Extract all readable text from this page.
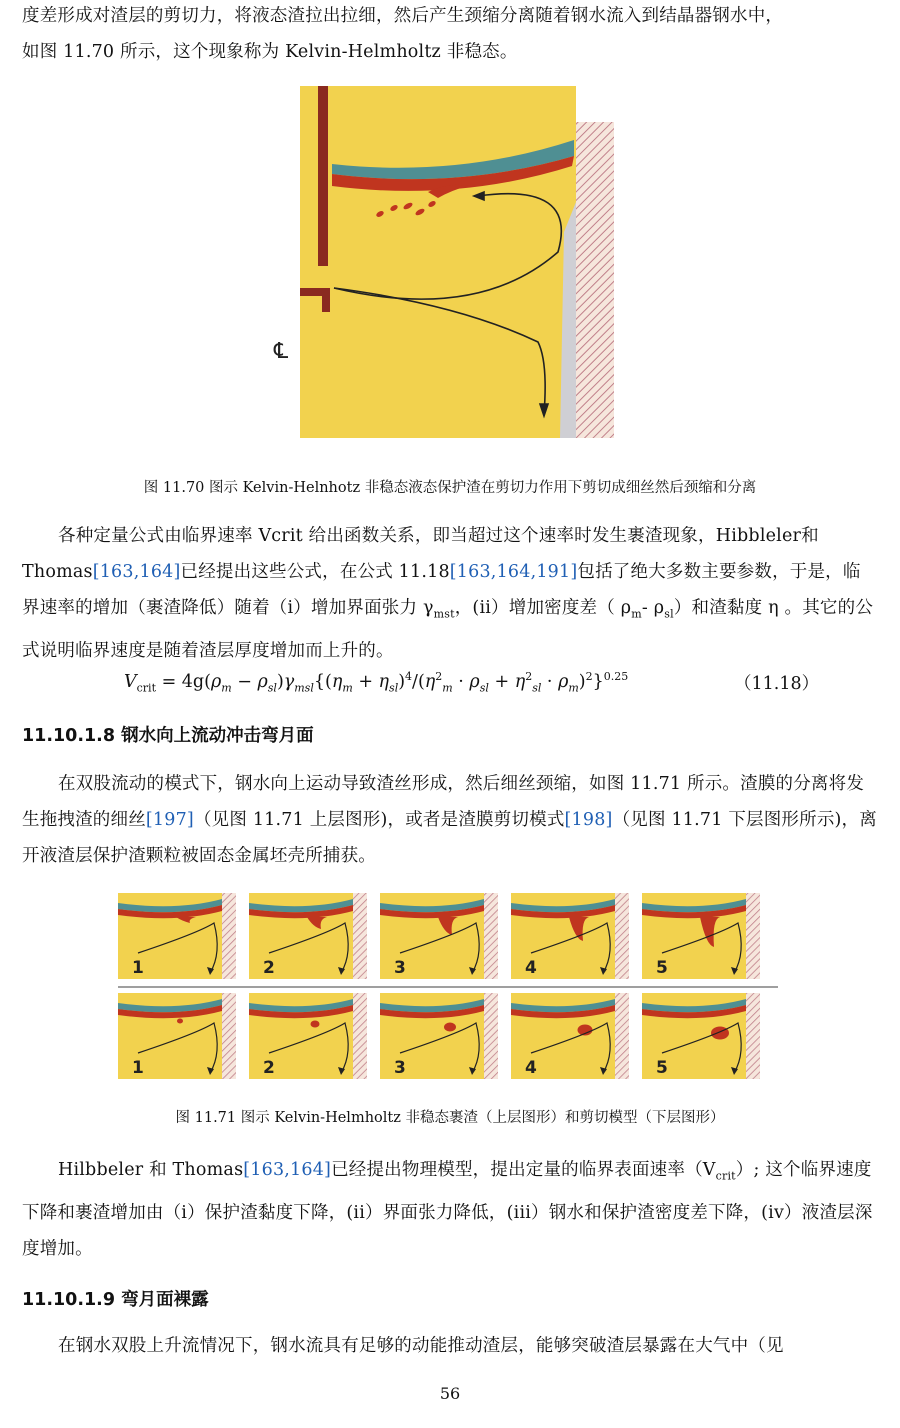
度差形成对渣层的剪切力，将液态渣拉出拉细，然后产生颈缩分离随着钢水流入到结晶器钢水中，
如图 11.70 所示，这个现象称为 Kelvin-Helmholtz 非稳态。

℄

图 11.70 图示 Kelvin-Helnhotz 非稳态液态保护渣在剪切力作用下剪切成细丝然后颈缩和分离

各种定量公式由临界速率 Vcrit 给出函数关系，即当超过这个速率时发生裹渣现象，Hibbleler和 Thomas[163,164]已经提出这些公式，在公式 11.18[163,164,191]包括了绝大多数主要参数，于是，临界速率的增加（裹渣降低）随着（i）增加界面张力 $\gamma_{mst}$，(ii）增加密度差（ $\rho_m-$ $\rho_{sl}$）和渣黏度 η 。其它的公式说明临界速度是随着渣层厚度增加而上升的。

$V_{crit} = 4g(\rho_m - \rho_{sl})\gamma_{msl}\{(\eta_m + \eta_{sl})^4/(\eta^2_m \cdot \rho_{sl} + \eta^2_{sl} \cdot \rho_m)^2\}^{0.25}$	（11.18）

11.10.1.8 钢水向上流动冲击弯月面

在双股流动的模式下，钢水向上运动导致渣丝形成，然后细丝颈缩，如图 11.71 所示。渣膜的分离将发生拖拽渣的细丝[197]（见图 11.71 上层图形)，或者是渣膜剪切模式[198]（见图 11.71 下层图形所示)，离开液渣层保护渣颗粒被固态金属坯壳所捕获。

1	2	3	4	5
1	2	3	4	5

图 11.71 图示 Kelvin-Helmholtz 非稳态裹渣（上层图形）和剪切模型（下层图形）

Hilbbeler 和 Thomas[163,164]已经提出物理模型，提出定量的临界表面速率$(V_{crit})$; 这个临界速度下降和裹渣增加由（i）保护渣黏度下降，(ii）界面张力降低，(iii）钢水和保护渣密度差下降，(iv）液渣层深度增加。

11.10.1.9 弯月面裸露

在钢水双股上升流情况下，钢水流具有足够的动能推动渣层，能够突破渣层暴露在大气中（见

56
